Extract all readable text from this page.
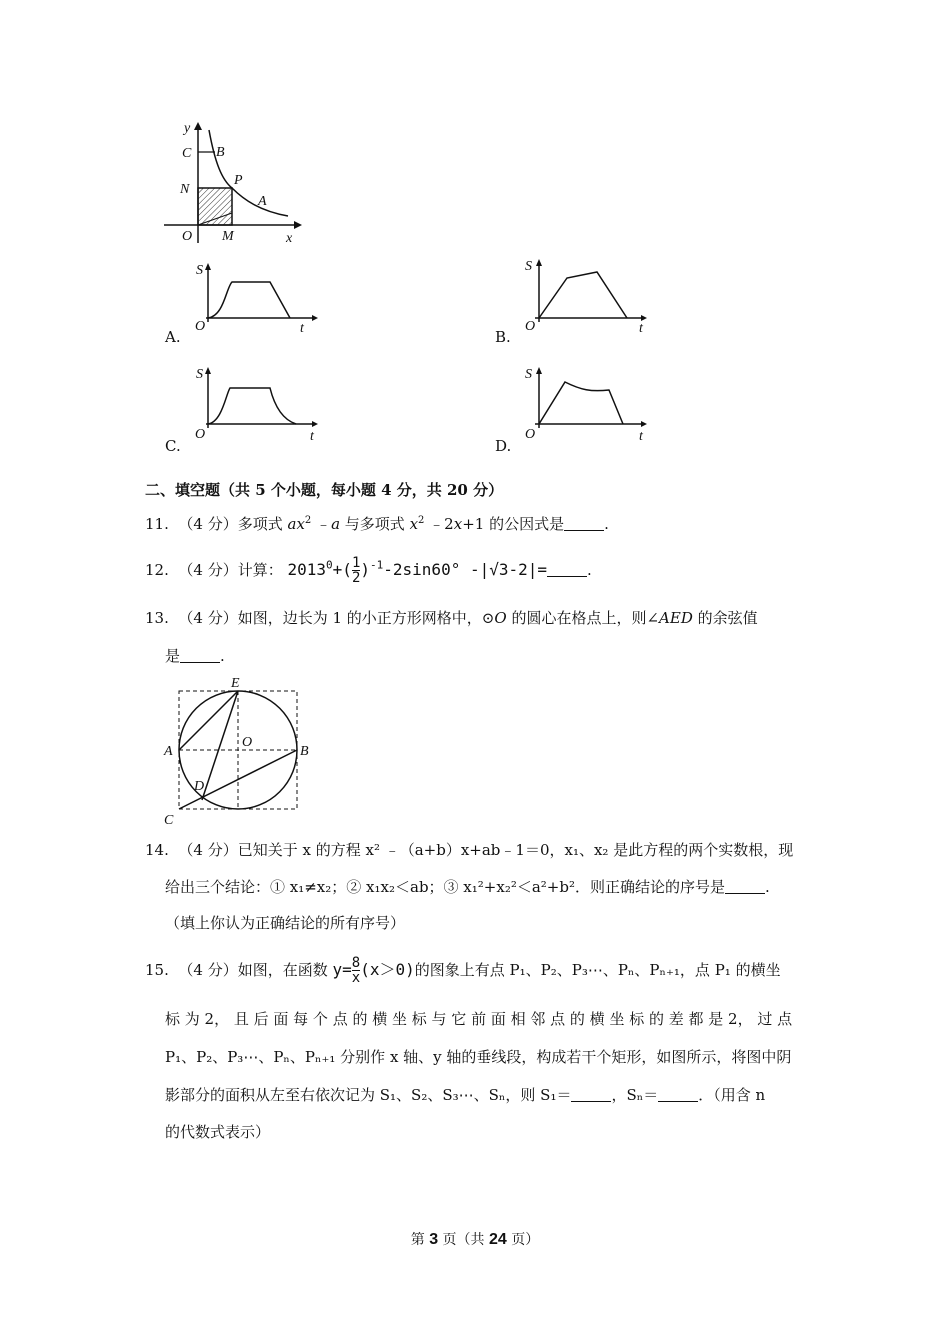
y
C B
N
P
A
O M	x
S
O	t
A.
S
O	t
B.
S
O	t
C.
S
O	t
D.
二、填空题（共 5 个小题，每小题 4 分，共 20 分）
11. （4 分）多项式 $ax^2$ ﹣a 与多项式 $x^2$ ﹣2x+1 的公因式是	.
12. （4 分）计算： $2013^0+( \frac{1}{2} )^{-1}-2\sin 60^\circ$ -|√3-2|=	.
13. （4 分）如图，边长为 1 的小正方形网格中，⊙O 的圆心在格点上，则∠AED 的余弦值
是	.
E
O
A	B
D
C
14. （4 分）已知关于 x 的方程 x² ﹣（a+b）x+ab﹣1＝0，x₁、x₂ 是此方程的两个实数根，现
给出三个结论：① x₁≠x₂；② x₁x₂＜ab；③ x₁²+x₂²＜a²+b²．则正确结论的序号是	.
（填上你认为正确结论的所有序号）
15. （4 分）如图，在函数 $y= \frac{8}{x} (x>0)$的图象上有点 P₁、P₂、P₃⋯、Pₙ、Pₙ₊₁，点 P₁ 的横坐
标 为 2， 且 后 面 每 个 点 的 横 坐 标 与 它 前 面 相 邻 点 的 横 坐 标 的 差 都 是 2， 过 点
P₁、P₂、P₃⋯、Pₙ、Pₙ₊₁ 分别作 x 轴、y 轴的垂线段，构成若干个矩形，如图所示，将图中阴
影部分的面积从左至右依次记为 S₁、S₂、S₃⋯、Sₙ，则 S₁＝	，Sₙ＝	．（用含 n
的代数式表示）
第 3 页（共 24 页）
